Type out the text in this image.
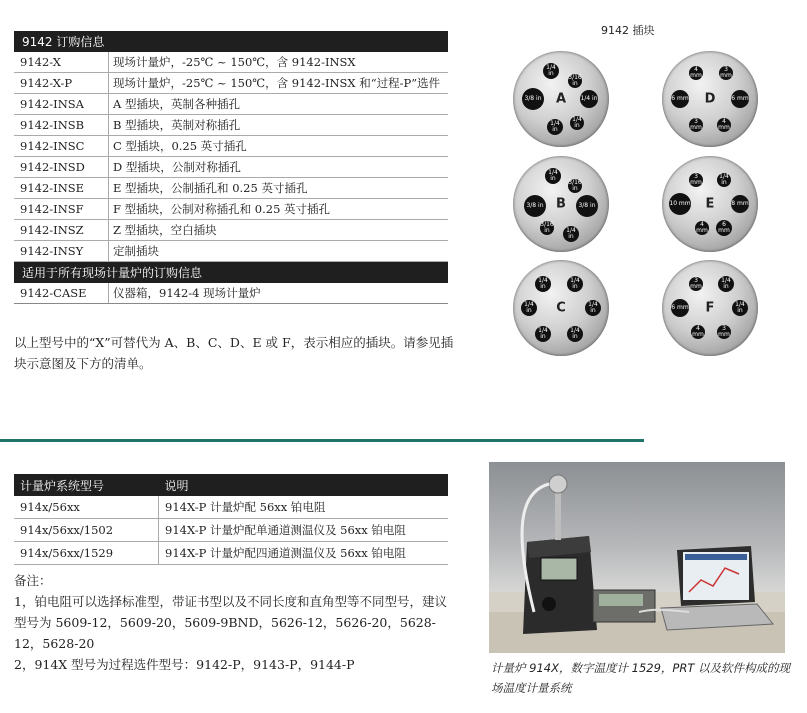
9142 订购信息	
9142-X	现场计量炉，-25℃ ~ 150℃，含 9142-INSX
9142-X-P	现场计量炉，-25℃ ~ 150℃，含 9142-INSX 和“过程-P”选件
9142-INSA	A 型插块，英制各种插孔
9142-INSB	B 型插块，英制对称插孔
9142-INSC	C 型插块，0.25 英寸插孔
9142-INSD	D 型插块，公制对称插孔
9142-INSE	E 型插块，公制插孔和 0.25 英寸插孔
9142-INSF	F 型插块，公制对称插孔和 0.25 英寸插孔
9142-INSZ	Z 型插块，空白插块
9142-INSY	定制插块
适用于所有现场计量炉的订购信息	
9142-CASE	仪器箱，9142-4 现场计量炉
以上型号中的“X”可替代为 A、B、C、D、E 或 F，表示相应的插块。请参见插块示意图及下方的清单。
9142 插块
1/4 in
3/16 in
3/8 in	1/4 in
1/4 in
1/4 in
A
4 mm
3 mm
6 mm	6 mm
3 mm
4 mm
D
1/4 in
3/16 in
3/8 in	3/8 in
3/16 in	1/4 in
B
3 mm
1/4 in
10 mm	8 mm
4 mm
6 mm
E
1/4 in
1/4 in
1/4 in
1/4 in
1/4 in
1/4 in
C
3 mm
1/4 in
6 mm	1/4 in
4 mm
3 mm
F
计量炉系统型号	说明
914x/56xx	914X-P 计量炉配 56xx 铂电阻
914x/56xx/1502	914X-P 计量炉配单通道测温仪及 56xx 铂电阻
914x/56xx/1529	914X-P 计量炉配四通道测温仪及 56xx 铂电阻
备注：
1，铂电阻可以选择标准型，带证书型以及不同长度和直角型等不同型号，建议型号为 5609-12，5609-20，5609-9BND，5626-12，5626-20，5628-12，5628-20
2，914X 型号为过程选件型号：9142-P，9143-P，9144-P	计量炉 914X，数字温度计 1529，PRT 以及软件构成的现场温度计量系统
